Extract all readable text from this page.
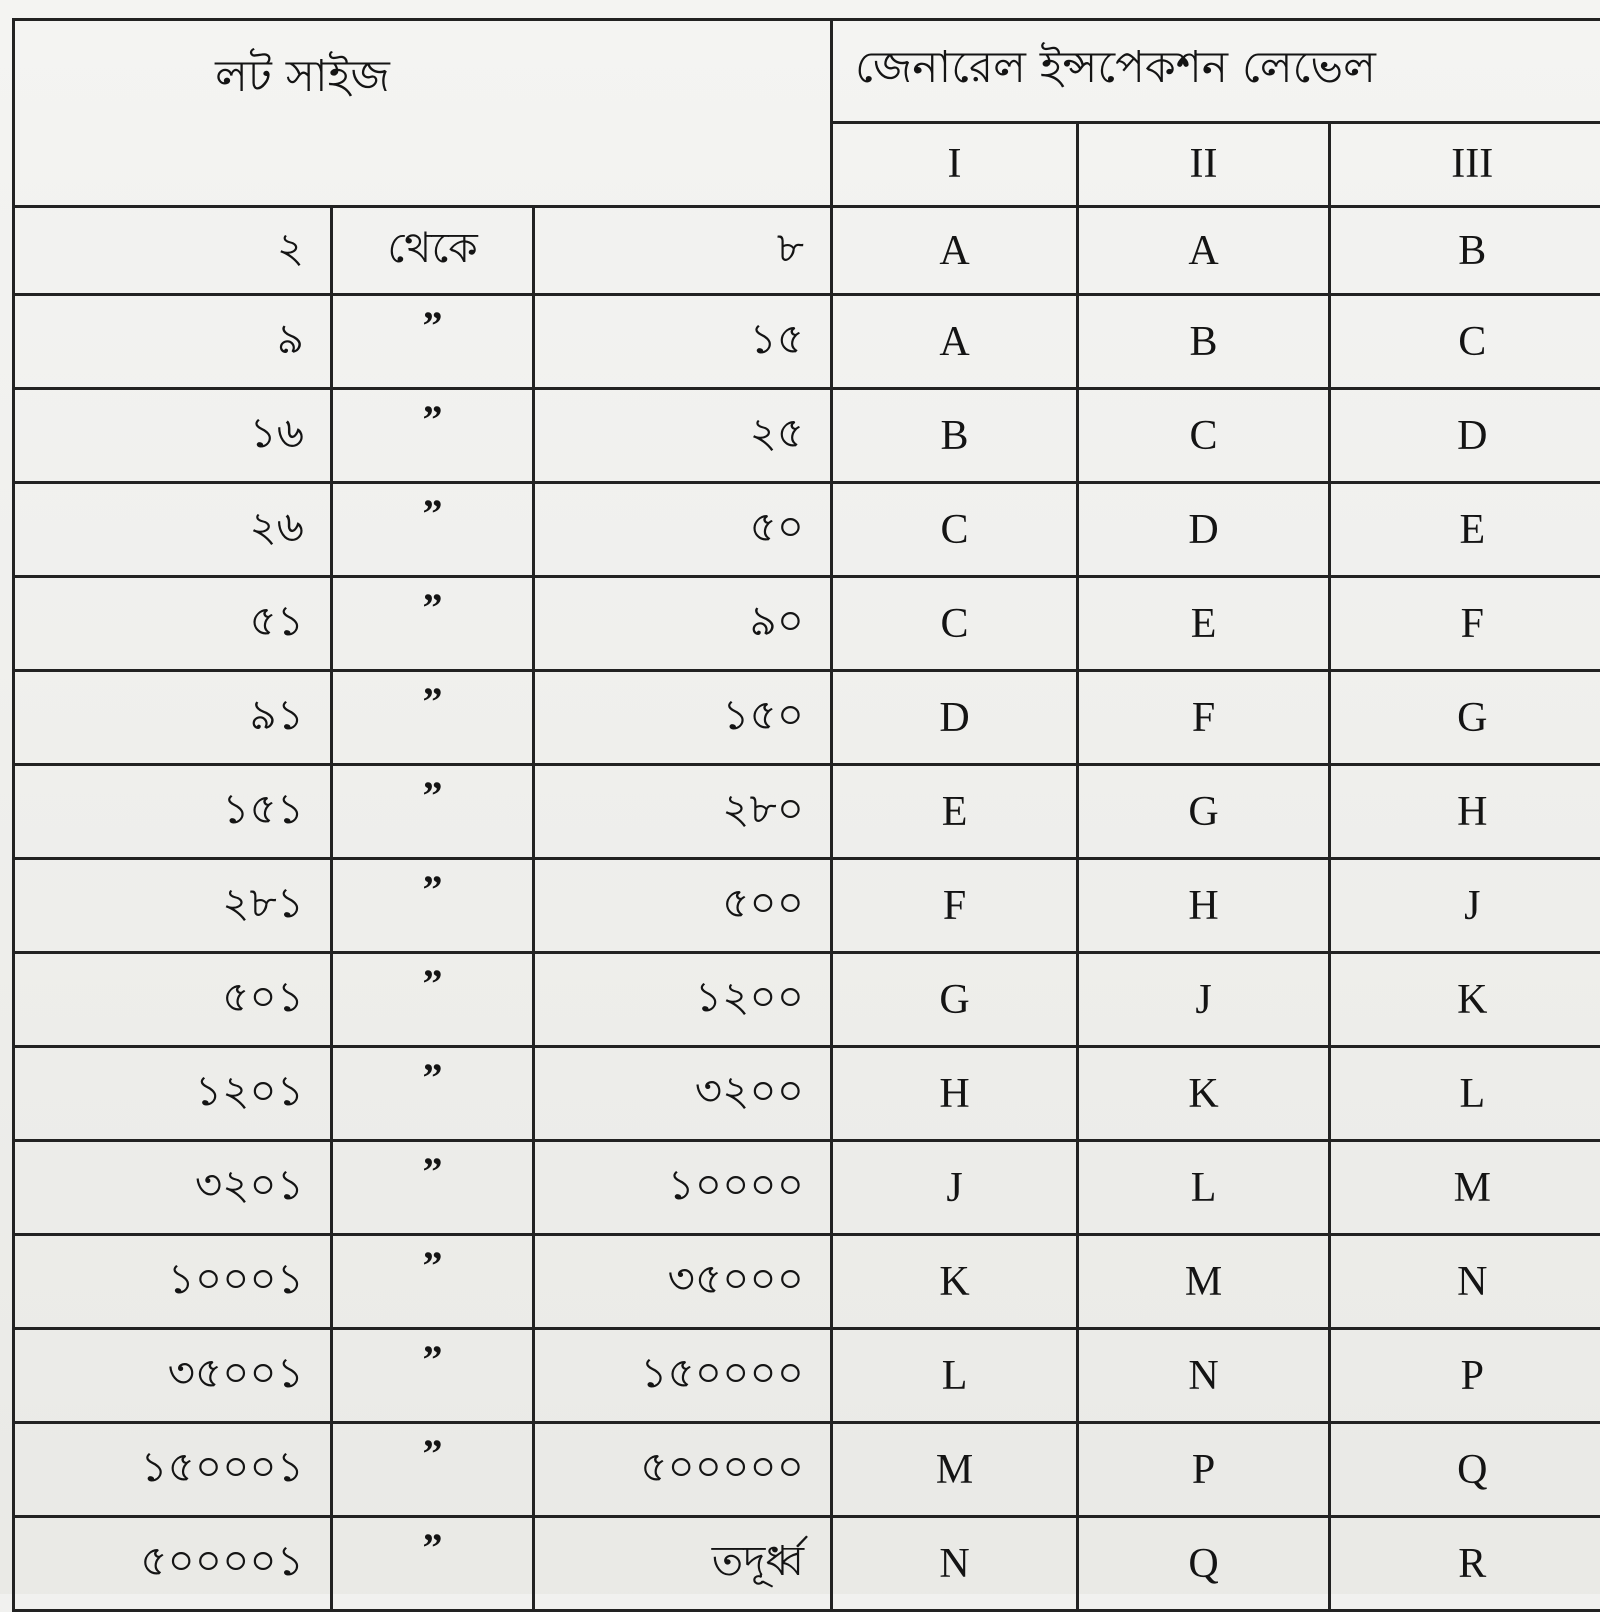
লট সাইজ			জেনারেল ইন্সপেকশন লেভেল		
			I	II	III
২	থেকে	৮	A	A	B
৯	”	১৫	A	B	C
১৬	”	২৫	B	C	D
২৬	”	৫০	C	D	E
৫১	”	৯০	C	E	F
৯১	”	১৫০	D	F	G
১৫১	”	২৮০	E	G	H
২৮১	”	৫০০	F	H	J
৫০১	”	১২০০	G	J	K
১২০১	”	৩২০০	H	K	L
৩২০১	”	১০০০০	J	L	M
১০০০১	”	৩৫০০০	K	M	N
৩৫০০১	”	১৫০০০০	L	N	P
১৫০০০১	”	৫০০০০০	M	P	Q
৫০০০০১	”	তদূর্ধ্ব	N	Q	R
